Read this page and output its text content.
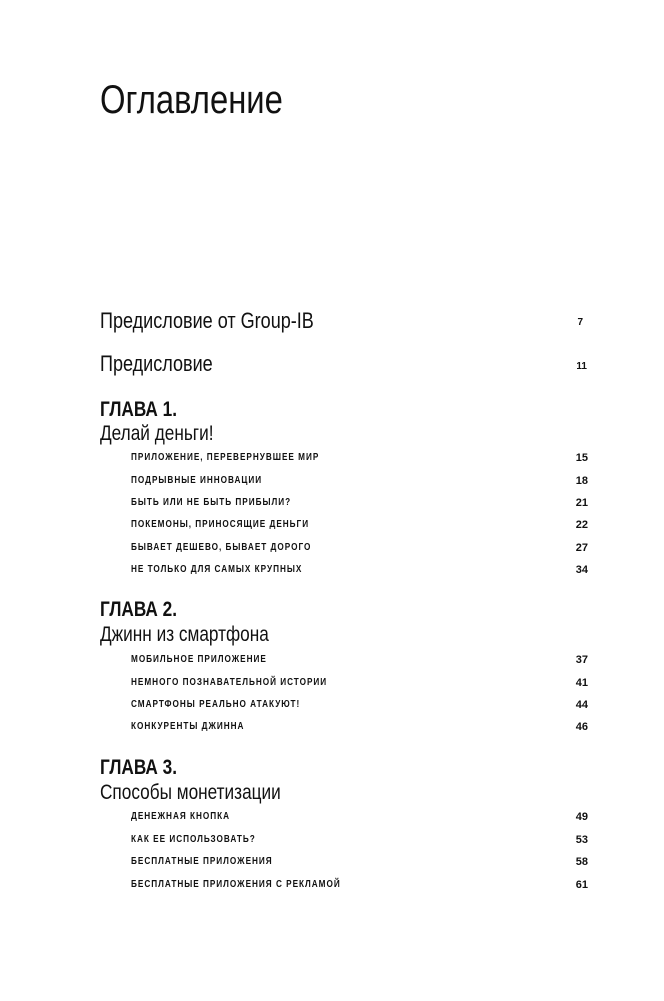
Оглавление
Предисловие от Group-IB	7
Предисловие	11
ГЛАВА 1.
Делай деньги!
ПРИЛОЖЕНИЕ, ПЕРЕВЕРНУВШЕЕ МИР	15
ПОДРЫВНЫЕ ИННОВАЦИИ	18
БЫТЬ ИЛИ НЕ БЫТЬ ПРИБЫЛИ?	21
ПОКЕМОНЫ, ПРИНОСЯЩИЕ ДЕНЬГИ	22
БЫВАЕТ ДЕШЕВО, БЫВАЕТ ДОРОГО	27
НЕ ТОЛЬКО ДЛЯ САМЫХ КРУПНЫХ	34
ГЛАВА 2.
Джинн из смартфона
МОБИЛЬНОЕ ПРИЛОЖЕНИЕ	37
НЕМНОГО ПОЗНАВАТЕЛЬНОЙ ИСТОРИИ	41
СМАРТФОНЫ РЕАЛЬНО АТАКУЮТ!	44
КОНКУРЕНТЫ ДЖИННА	46
ГЛАВА 3.
Способы монетизации
ДЕНЕЖНАЯ КНОПКА	49
КАК ЕЕ ИСПОЛЬЗОВАТЬ?	53
БЕСПЛАТНЫЕ ПРИЛОЖЕНИЯ	58
БЕСПЛАТНЫЕ ПРИЛОЖЕНИЯ С РЕКЛАМОЙ	61
